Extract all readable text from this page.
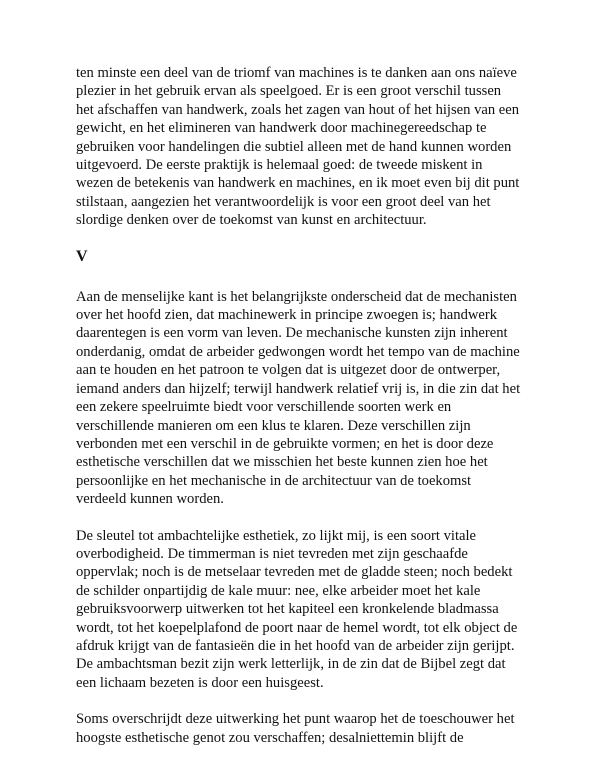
ten minste een deel van de triomf van machines is te danken aan ons naïeve
plezier in het gebruik ervan als speelgoed. Er is een groot verschil tussen
het afschaffen van handwerk, zoals het zagen van hout of het hijsen van een
gewicht, en het elimineren van handwerk door machinegereedschap te
gebruiken voor handelingen die subtiel alleen met de hand kunnen worden
uitgevoerd. De eerste praktijk is helemaal goed: de tweede miskent in
wezen de betekenis van handwerk en machines, en ik moet even bij dit punt
stilstaan, aangezien het verantwoordelijk is voor een groot deel van het
slordige denken over de toekomst van kunst en architectuur.

V

Aan de menselijke kant is het belangrijkste onderscheid dat de mechanisten
over het hoofd zien, dat machinewerk in principe zwoegen is; handwerk
daarentegen is een vorm van leven. De mechanische kunsten zijn inherent
onderdanig, omdat de arbeider gedwongen wordt het tempo van de machine
aan te houden en het patroon te volgen dat is uitgezet door de ontwerper,
iemand anders dan hijzelf; terwijl handwerk relatief vrij is, in die zin dat het
een zekere speelruimte biedt voor verschillende soorten werk en
verschillende manieren om een klus te klaren. Deze verschillen zijn
verbonden met een verschil in de gebruikte vormen; en het is door deze
esthetische verschillen dat we misschien het beste kunnen zien hoe het
persoonlijke en het mechanische in de architectuur van de toekomst
verdeeld kunnen worden.

De sleutel tot ambachtelijke esthetiek, zo lijkt mij, is een soort vitale
overbodigheid. De timmerman is niet tevreden met zijn geschaafde
oppervlak; noch is de metselaar tevreden met de gladde steen; noch bedekt
de schilder onpartijdig de kale muur: nee, elke arbeider moet het kale
gebruiksvoorwerp uitwerken tot het kapiteel een kronkelende bladmassa
wordt, tot het koepelplafond de poort naar de hemel wordt, tot elk object de
afdruk krijgt van de fantasieën die in het hoofd van de arbeider zijn gerijpt.
De ambachtsman bezit zijn werk letterlijk, in de zin dat de Bijbel zegt dat
een lichaam bezeten is door een huisgeest.

Soms overschrijdt deze uitwerking het punt waarop het de toeschouwer het
hoogste esthetische genot zou verschaffen; desalniettemin blijft de
